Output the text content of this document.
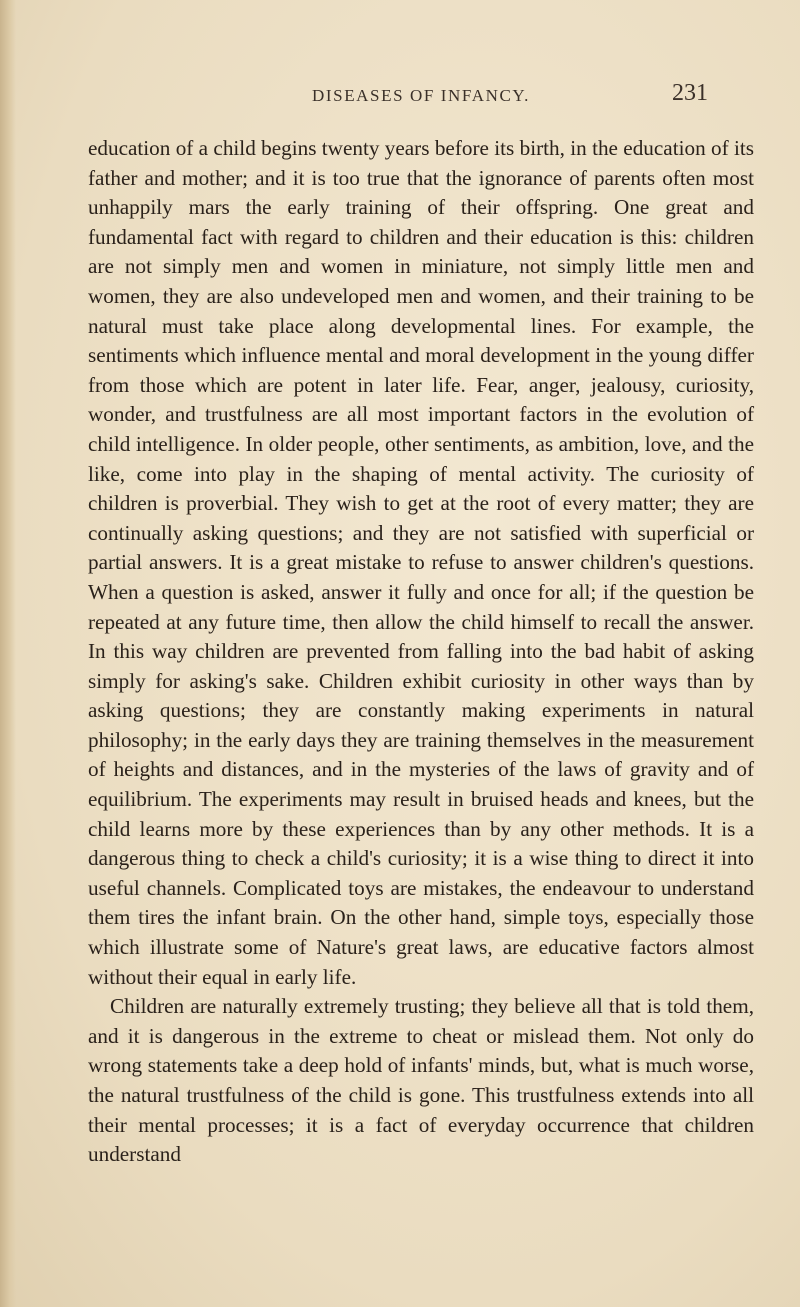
DISEASES OF INFANCY.	231

education of a child begins twenty years before its birth, in the education of its father and mother; and it is too true that the ignorance of parents often most unhappily mars the early training of their offspring. One great and fundamental fact with regard to children and their education is this: children are not simply men and women in miniature, not simply little men and women, they are also undeveloped men and women, and their training to be natural must take place along developmental lines. For example, the sentiments which influence mental and moral development in the young differ from those which are potent in later life. Fear, anger, jealousy, curiosity, wonder, and trustfulness are all most important factors in the evolution of child intelligence. In older people, other sentiments, as ambition, love, and the like, come into play in the shaping of mental activity. The curiosity of children is proverbial. They wish to get at the root of every matter; they are continually asking questions; and they are not satisfied with superficial or partial answers. It is a great mistake to refuse to answer children's questions. When a question is asked, answer it fully and once for all; if the question be repeated at any future time, then allow the child himself to recall the answer. In this way children are prevented from falling into the bad habit of asking simply for asking's sake. Children exhibit curiosity in other ways than by asking questions; they are constantly making experiments in natural philosophy; in the early days they are training themselves in the measurement of heights and distances, and in the mysteries of the laws of gravity and of equilibrium. The experiments may result in bruised heads and knees, but the child learns more by these experiences than by any other methods. It is a dangerous thing to check a child's curiosity; it is a wise thing to direct it into useful channels. Complicated toys are mistakes, the endeavour to understand them tires the infant brain. On the other hand, simple toys, especially those which illustrate some of Nature's great laws, are educative factors almost without their equal in early life.

Children are naturally extremely trusting; they believe all that is told them, and it is dangerous in the extreme to cheat or mislead them. Not only do wrong statements take a deep hold of infants' minds, but, what is much worse, the natural trustfulness of the child is gone. This trustfulness extends into all their mental processes; it is a fact of everyday occurrence that children understand
